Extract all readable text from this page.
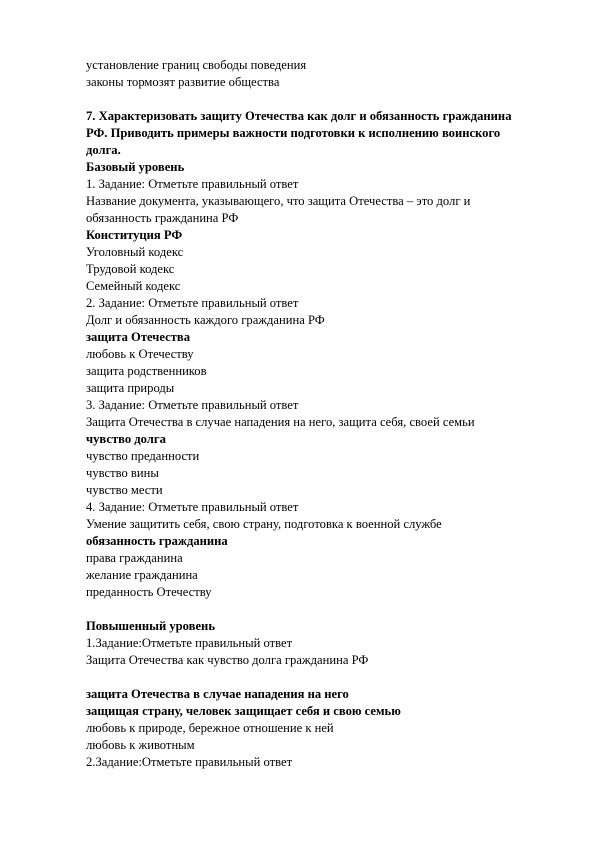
установление границ свободы поведения
законы тормозят развитие общества
7. Характеризовать защиту Отечества как долг и обязанность гражданина РФ. Приводить примеры важности подготовки к исполнению воинского долга.
Базовый уровень
1. Задание: Отметьте правильный ответ
Название документа, указывающего, что защита Отечества – это долг и обязанность гражданина РФ
Конституция РФ
Уголовный кодекс
Трудовой кодекс
Семейный кодекс
2. Задание: Отметьте правильный ответ
Долг и обязанность каждого гражданина РФ
защита Отечества
любовь к Отечеству
защита родственников
защита природы
3. Задание: Отметьте правильный ответ
Защита Отечества в случае нападения на него, защита себя, своей семьи
чувство долга
чувство преданности
чувство вины
чувство мести
4. Задание: Отметьте правильный ответ
Умение защитить себя, свою страну, подготовка к военной службе
обязанность гражданина
права гражданина
желание гражданина
преданность Отечеству
Повышенный уровень
1.Задание:Отметьте правильный ответ
Защита Отечества как чувство долга гражданина РФ
защита Отечества в случае нападения на него
защищая страну, человек защищает себя и свою семью
любовь к природе, бережное отношение к ней
любовь к животным
2.Задание:Отметьте правильный ответ
